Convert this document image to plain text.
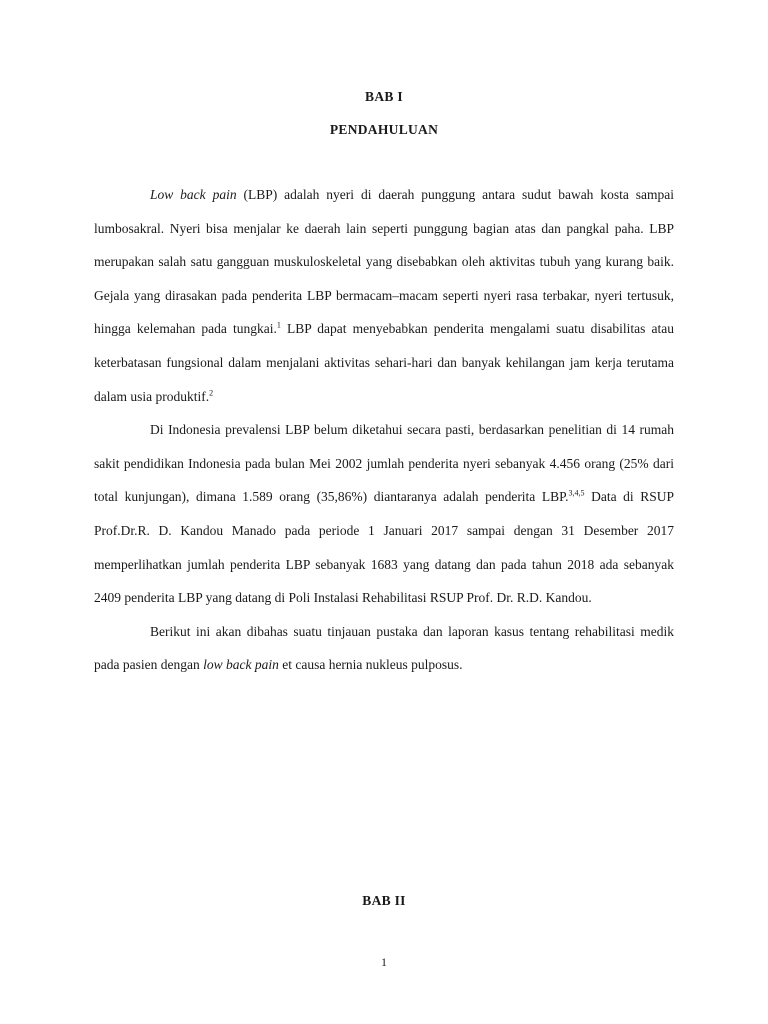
BAB I
PENDAHULUAN

Low back pain (LBP) adalah nyeri di daerah punggung antara sudut bawah kosta sampai lumbosakral. Nyeri bisa menjalar ke daerah lain seperti punggung bagian atas dan pangkal paha. LBP merupakan salah satu gangguan muskuloskeletal yang disebabkan oleh aktivitas tubuh yang kurang baik. Gejala yang dirasakan pada penderita LBP bermacam–macam seperti nyeri rasa terbakar, nyeri tertusuk, hingga kelemahan pada tungkai.$^1$ LBP dapat menyebabkan penderita mengalami suatu disabilitas atau keterbatasan fungsional dalam menjalani aktivitas sehari-hari dan banyak kehilangan jam kerja terutama dalam usia produktif.$^2$

Di Indonesia prevalensi LBP belum diketahui secara pasti, berdasarkan penelitian di 14 rumah sakit pendidikan Indonesia pada bulan Mei 2002 jumlah penderita nyeri sebanyak 4.456 orang (25% dari total kunjungan), dimana 1.589 orang (35,86%) diantaranya adalah penderita LBP.$^{3,4,5}$ Data di RSUP Prof.Dr.R. D. Kandou Manado pada periode 1 Januari 2017 sampai dengan 31 Desember 2017 memperlihatkan jumlah penderita LBP sebanyak 1683 yang datang dan pada tahun 2018 ada sebanyak 2409 penderita LBP yang datang di Poli Instalasi Rehabilitasi RSUP Prof. Dr. R.D. Kandou.

Berikut ini akan dibahas suatu tinjauan pustaka dan laporan kasus tentang rehabilitasi medik pada pasien dengan low back pain et causa hernia nukleus pulposus.

BAB II
1
